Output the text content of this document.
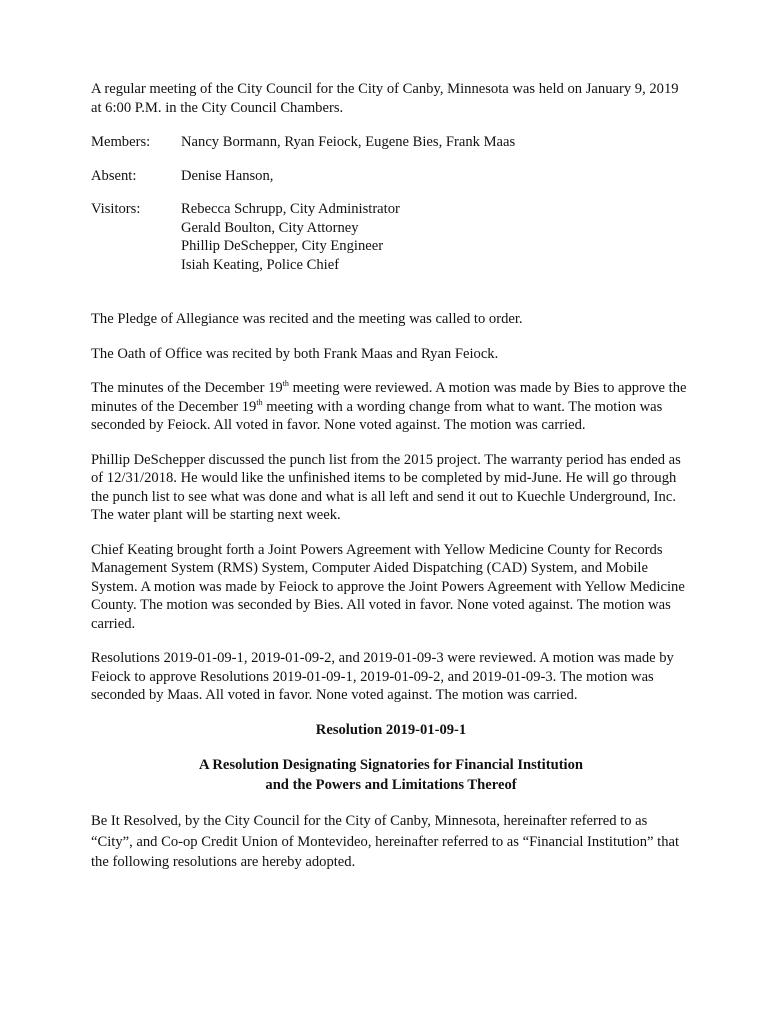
A regular meeting of the City Council for the City of Canby, Minnesota was held on January 9, 2019 at 6:00 P.M. in the City Council Chambers.

Members:	Nancy Bormann, Ryan Feiock, Eugene Bies, Frank Maas
Absent:	Denise Hanson,
Visitors:	Rebecca Schrupp, City Administrator
Gerald Boulton, City Attorney
Phillip DeSchepper, City Engineer
Isiah Keating, Police Chief

The Pledge of Allegiance was recited and the meeting was called to order.

The Oath of Office was recited by both Frank Maas and Ryan Feiock.

The minutes of the December 19th meeting were reviewed. A motion was made by Bies to approve the minutes of the December 19th meeting with a wording change from what to want. The motion was seconded by Feiock. All voted in favor. None voted against. The motion was carried.

Phillip DeSchepper discussed the punch list from the 2015 project. The warranty period has ended as of 12/31/2018. He would like the unfinished items to be completed by mid-June. He will go through the punch list to see what was done and what is all left and send it out to Kuechle Underground, Inc. The water plant will be starting next week.

Chief Keating brought forth a Joint Powers Agreement with Yellow Medicine County for Records Management System (RMS) System, Computer Aided Dispatching (CAD) System, and Mobile System. A motion was made by Feiock to approve the Joint Powers Agreement with Yellow Medicine County. The motion was seconded by Bies. All voted in favor. None voted against. The motion was carried.

Resolutions 2019-01-09-1, 2019-01-09-2, and 2019-01-09-3 were reviewed. A motion was made by Feiock to approve Resolutions 2019-01-09-1, 2019-01-09-2, and 2019-01-09-3. The motion was seconded by Maas. All voted in favor. None voted against. The motion was carried.

Resolution 2019-01-09-1

A Resolution Designating Signatories for Financial Institution
and the Powers and Limitations Thereof

Be It Resolved, by the City Council for the City of Canby, Minnesota, hereinafter referred to as “City”, and Co-op Credit Union of Montevideo, hereinafter referred to as “Financial Institution” that the following resolutions are hereby adopted.
